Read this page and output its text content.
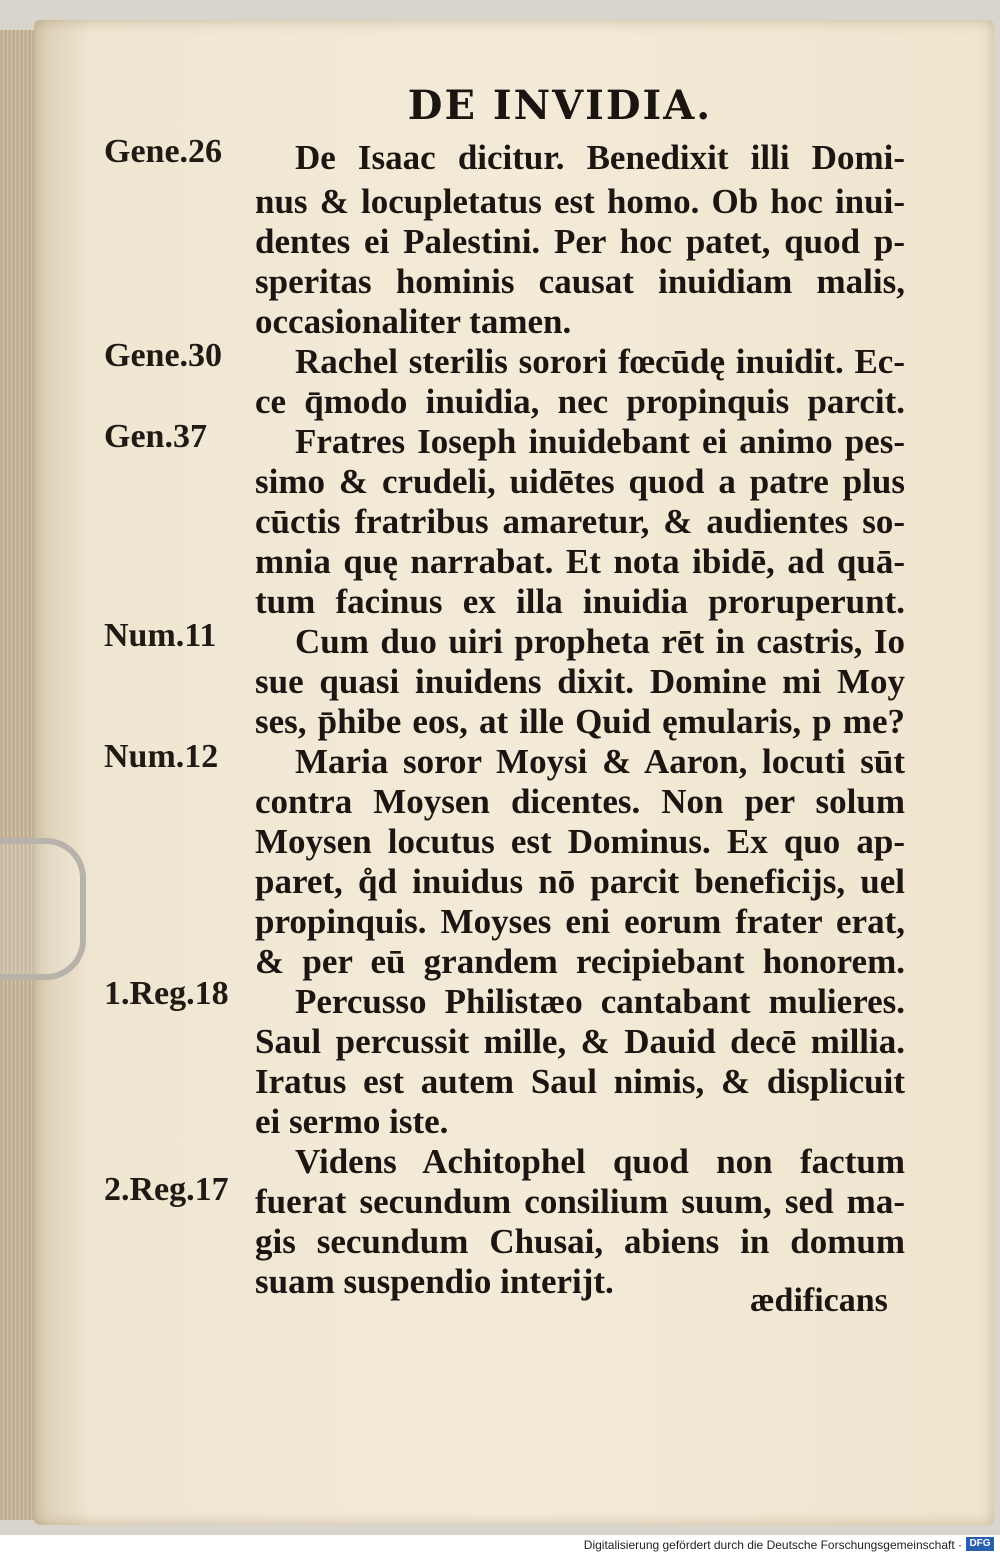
DE INVIDIA.
Gene.26
Gene.30
Gen.37
Num.11
Num.12
1.Reg.18
2.Reg.17
De Isaac dicitur. Benedixit illi Domi-
nus & locupletatus est homo. Ob hoc inui-
dentes ei Palestini. Per hoc patet, quod p-
speritas hominis causat inuidiam malis,
occasionaliter tamen.
Rachel sterilis sorori fœcūdę inuidit. Ec-
ce q̄modo inuidia, nec propinquis parcit.
Fratres Ioseph inuidebant ei animo pes-
simo & crudeli, uidētes quod a patre plus
cūctis fratribus amaretur, & audientes so-
mnia quę narrabat. Et nota ibidē, ad quā-
tum facinus ex illa inuidia proruperunt.
Cum duo uiri propheta rēt in castris, Io
sue quasi inuidens dixit. Domine mi Moy
ses, p̄hibe eos, at ille Quid ęmularis, p me?
Maria soror Moysi & Aaron, locuti sūt
contra Moysen dicentes. Non per solum
Moysen locutus est Dominus. Ex quo ap-
paret, q̊d inuidus nō parcit beneficijs, uel
propinquis. Moyses eni eorum frater erat,
& per eū grandem recipiebant honorem.
Percusso Philistæo cantabant mulieres.
Saul percussit mille, & Dauid decē millia.
Iratus est autem Saul nimis, & displicuit
ei sermo iste.
Videns Achitophel quod non factum
fuerat secundum consilium suum, sed ma-
gis secundum Chusai, abiens in domum
suam suspendio interijt.	ædificans
Digitalisierung gefördert durch die Deutsche Forschungsgemeinschaft · DFG
